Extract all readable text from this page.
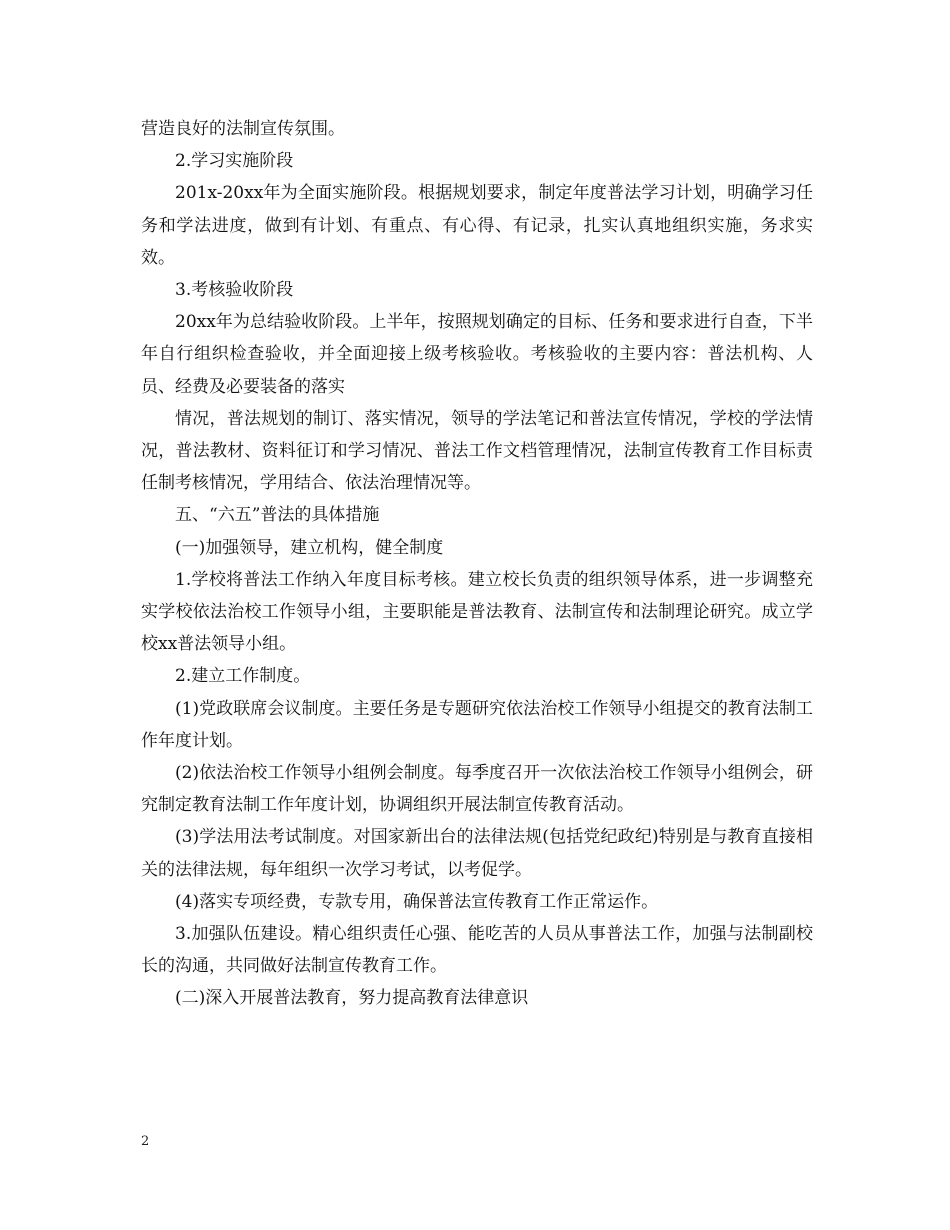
营造良好的法制宣传氛围。

2.学习实施阶段

201x-20xx年为全面实施阶段。根据规划要求，制定年度普法学习计划，明确学习任务和学法进度，做到有计划、有重点、有心得、有记录，扎实认真地组织实施，务求实效。

3.考核验收阶段

20xx年为总结验收阶段。上半年，按照规划确定的目标、任务和要求进行自查，下半年自行组织检查验收，并全面迎接上级考核验收。考核验收的主要内容：普法机构、人员、经费及必要装备的落实

情况，普法规划的制订、落实情况，领导的学法笔记和普法宣传情况，学校的学法情况，普法教材、资料征订和学习情况、普法工作文档管理情况，法制宣传教育工作目标责任制考核情况，学用结合、依法治理情况等。

五、“六五”普法的具体措施

(一)加强领导，建立机构，健全制度

1.学校将普法工作纳入年度目标考核。建立校长负责的组织领导体系，进一步调整充实学校依法治校工作领导小组，主要职能是普法教育、法制宣传和法制理论研究。成立学校xx普法领导小组。

2.建立工作制度。

(1)党政联席会议制度。主要任务是专题研究依法治校工作领导小组提交的教育法制工作年度计划。

(2)依法治校工作领导小组例会制度。每季度召开一次依法治校工作领导小组例会，研究制定教育法制工作年度计划，协调组织开展法制宣传教育活动。

(3)学法用法考试制度。对国家新出台的法律法规(包括党纪政纪)特别是与教育直接相关的法律法规，每年组织一次学习考试，以考促学。

(4)落实专项经费，专款专用，确保普法宣传教育工作正常运作。

3.加强队伍建设。精心组织责任心强、能吃苦的人员从事普法工作，加强与法制副校长的沟通，共同做好法制宣传教育工作。

(二)深入开展普法教育，努力提高教育法律意识

2
